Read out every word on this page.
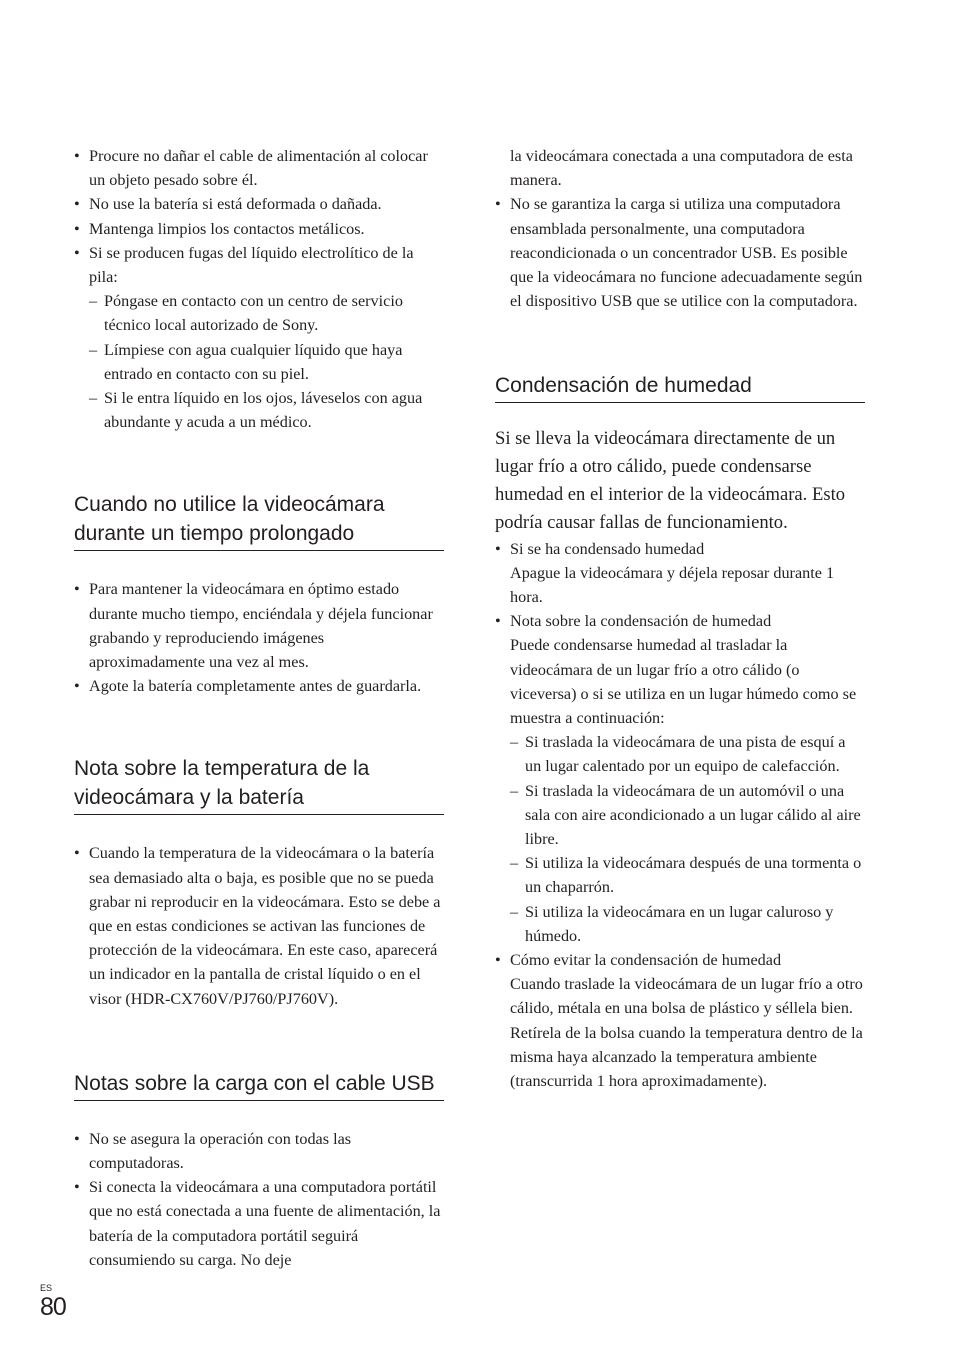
• Procure no dañar el cable de alimentación al colocar un objeto pesado sobre él.
• No use la batería si está deformada o dañada.
• Mantenga limpios los contactos metálicos.
• Si se producen fugas del líquido electrolítico de la pila:
– Póngase en contacto con un centro de servicio técnico local autorizado de Sony.
– Límpiese con agua cualquier líquido que haya entrado en contacto con su piel.
– Si le entra líquido en los ojos, láveselos con agua abundante y acuda a un médico.
Cuando no utilice la videocámara durante un tiempo prolongado
• Para mantener la videocámara en óptimo estado durante mucho tiempo, enciéndala y déjela funcionar grabando y reproduciendo imágenes aproximadamente una vez al mes.
• Agote la batería completamente antes de guardarla.
Nota sobre la temperatura de la videocámara y la batería
• Cuando la temperatura de la videocámara o la batería sea demasiado alta o baja, es posible que no se pueda grabar ni reproducir en la videocámara. Esto se debe a que en estas condiciones se activan las funciones de protección de la videocámara. En este caso, aparecerá un indicador en la pantalla de cristal líquido o en el visor (HDR-CX760V/PJ760/PJ760V).
Notas sobre la carga con el cable USB
• No se asegura la operación con todas las computadoras.
• Si conecta la videocámara a una computadora portátil que no está conectada a una fuente de alimentación, la batería de la computadora portátil seguirá consumiendo su carga. No deje
la videocámara conectada a una computadora de esta manera.
• No se garantiza la carga si utiliza una computadora ensamblada personalmente, una computadora reacondicionada o un concentrador USB. Es posible que la videocámara no funcione adecuadamente según el dispositivo USB que se utilice con la computadora.
Condensación de humedad

Si se lleva la videocámara directamente de un lugar frío a otro cálido, puede condensarse humedad en el interior de la videocámara. Esto podría causar fallas de funcionamiento.

• Si se ha condensado humedad
Apague la videocámara y déjela reposar durante 1 hora.
• Nota sobre la condensación de humedad
Puede condensarse humedad al trasladar la videocámara de un lugar frío a otro cálido (o viceversa) o si se utiliza en un lugar húmedo como se muestra a continuación:
– Si traslada la videocámara de una pista de esquí a un lugar calentado por un equipo de calefacción.
– Si traslada la videocámara de un automóvil o una sala con aire acondicionado a un lugar cálido al aire libre.
– Si utiliza la videocámara después de una tormenta o un chaparrón.
– Si utiliza la videocámara en un lugar caluroso y húmedo.
• Cómo evitar la condensación de humedad
Cuando traslade la videocámara de un lugar frío a otro cálido, métala en una bolsa de plástico y séllela bien. Retírela de la bolsa cuando la temperatura dentro de la misma haya alcanzado la temperatura ambiente (transcurrida 1 hora aproximadamente).
ES
80
